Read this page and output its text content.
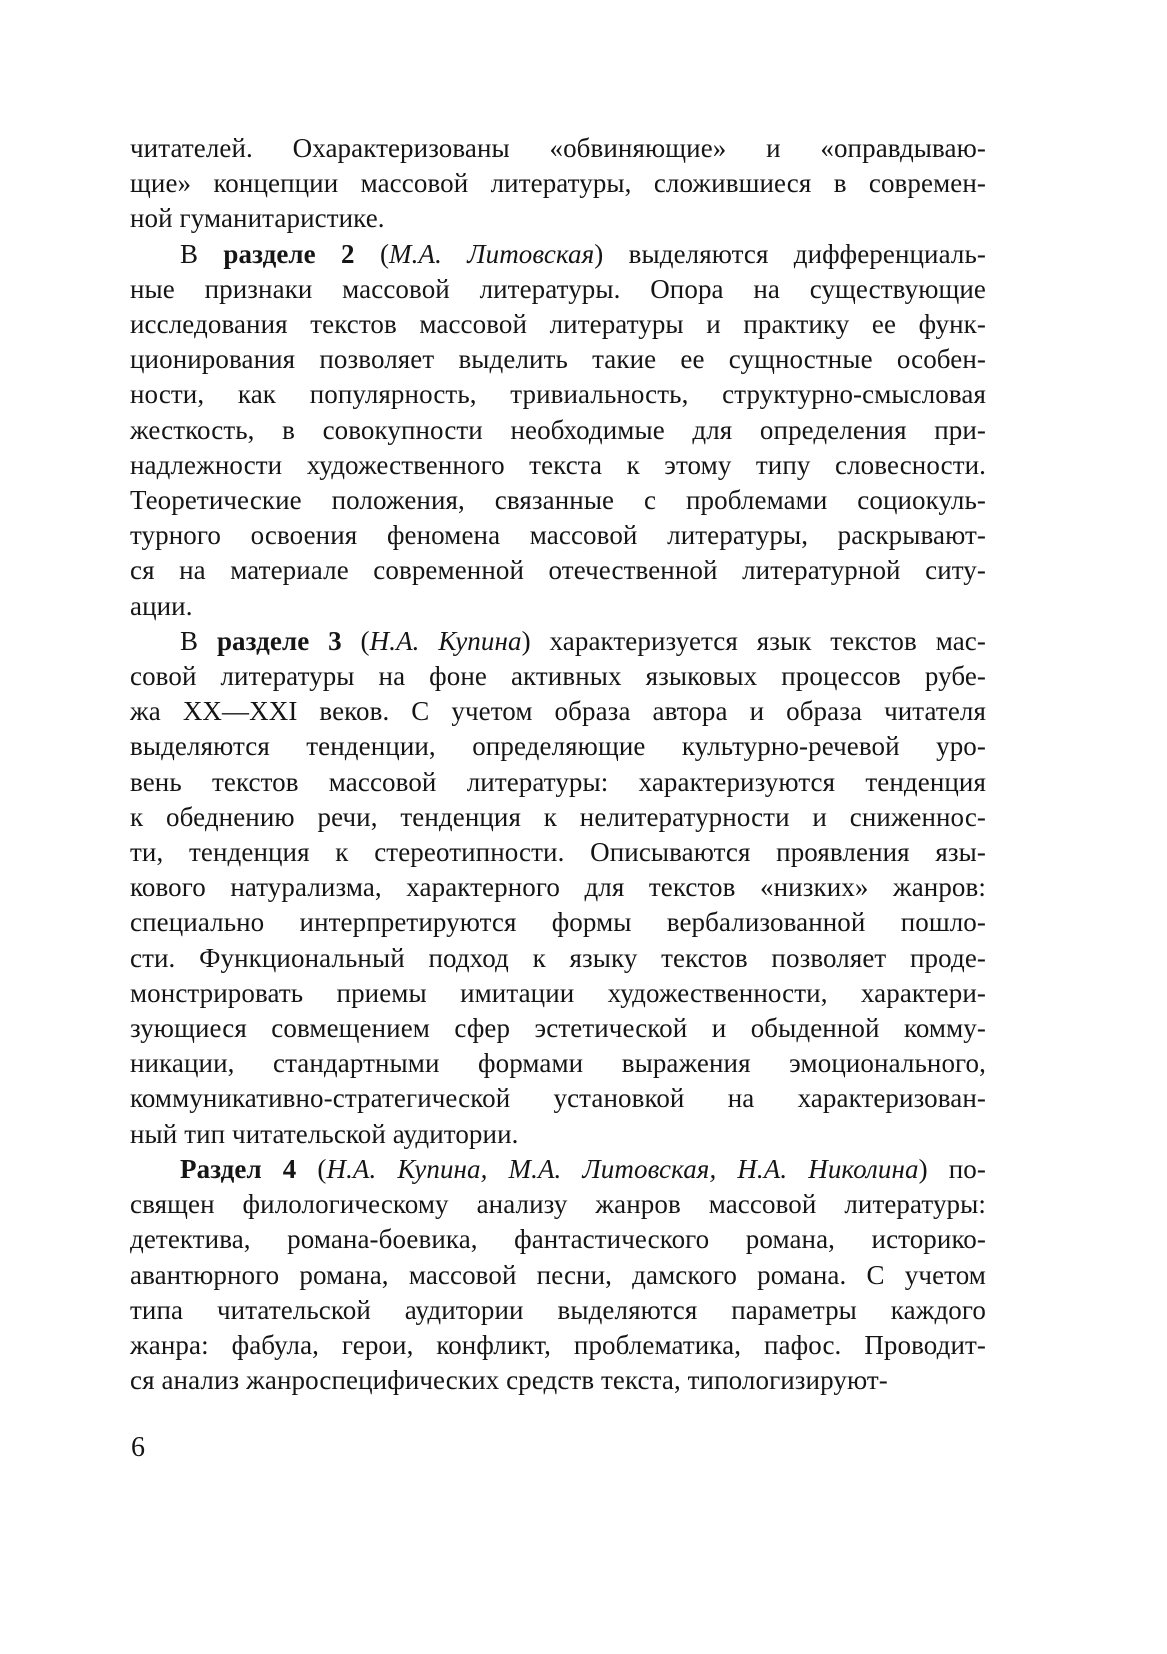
читателей. Охарактеризованы «обвиняющие» и «оправдываю-
щие» концепции массовой литературы, сложившиеся в современ-
ной гуманитаристике.
В разделе 2 (М.А. Литовская) выделяются дифференциаль-
ные признаки массовой литературы. Опора на существующие
исследования текстов массовой литературы и практику ее функ-
ционирования позволяет выделить такие ее сущностные особен-
ности, как популярность, тривиальность, структурно-смысловая
жесткость, в совокупности необходимые для определения при-
надлежности художественного текста к этому типу словесности.
Теоретические положения, связанные с проблемами социокуль-
турного освоения феномена массовой литературы, раскрывают-
ся на материале современной отечественной литературной ситу-
ации.
В разделе 3 (Н.А. Купина) характеризуется язык текстов мас-
совой литературы на фоне активных языковых процессов рубе-
жа XX—XXI веков. С учетом образа автора и образа читателя
выделяются тенденции, определяющие культурно-речевой уро-
вень текстов массовой литературы: характеризуются тенденция
к обеднению речи, тенденция к нелитературности и сниженнос-
ти, тенденция к стереотипности. Описываются проявления язы-
кового натурализма, характерного для текстов «низких» жанров:
специально интерпретируются формы вербализованной пошло-
сти. Функциональный подход к языку текстов позволяет проде-
монстрировать приемы имитации художественности, характери-
зующиеся совмещением сфер эстетической и обыденной комму-
никации, стандартными формами выражения эмоционального,
коммуникативно-стратегической установкой на характеризован-
ный тип читательской аудитории.
Раздел 4 (Н.А. Купина, М.А. Литовская, Н.А. Николина) по-
священ филологическому анализу жанров массовой литературы:
детектива, романа-боевика, фантастического романа, историко-
авантюрного романа, массовой песни, дамского романа. С учетом
типа читательской аудитории выделяются параметры каждого
жанра: фабула, герои, конфликт, проблематика, пафос. Проводит-
ся анализ жанроспецифических средств текста, типологизируют-
6
